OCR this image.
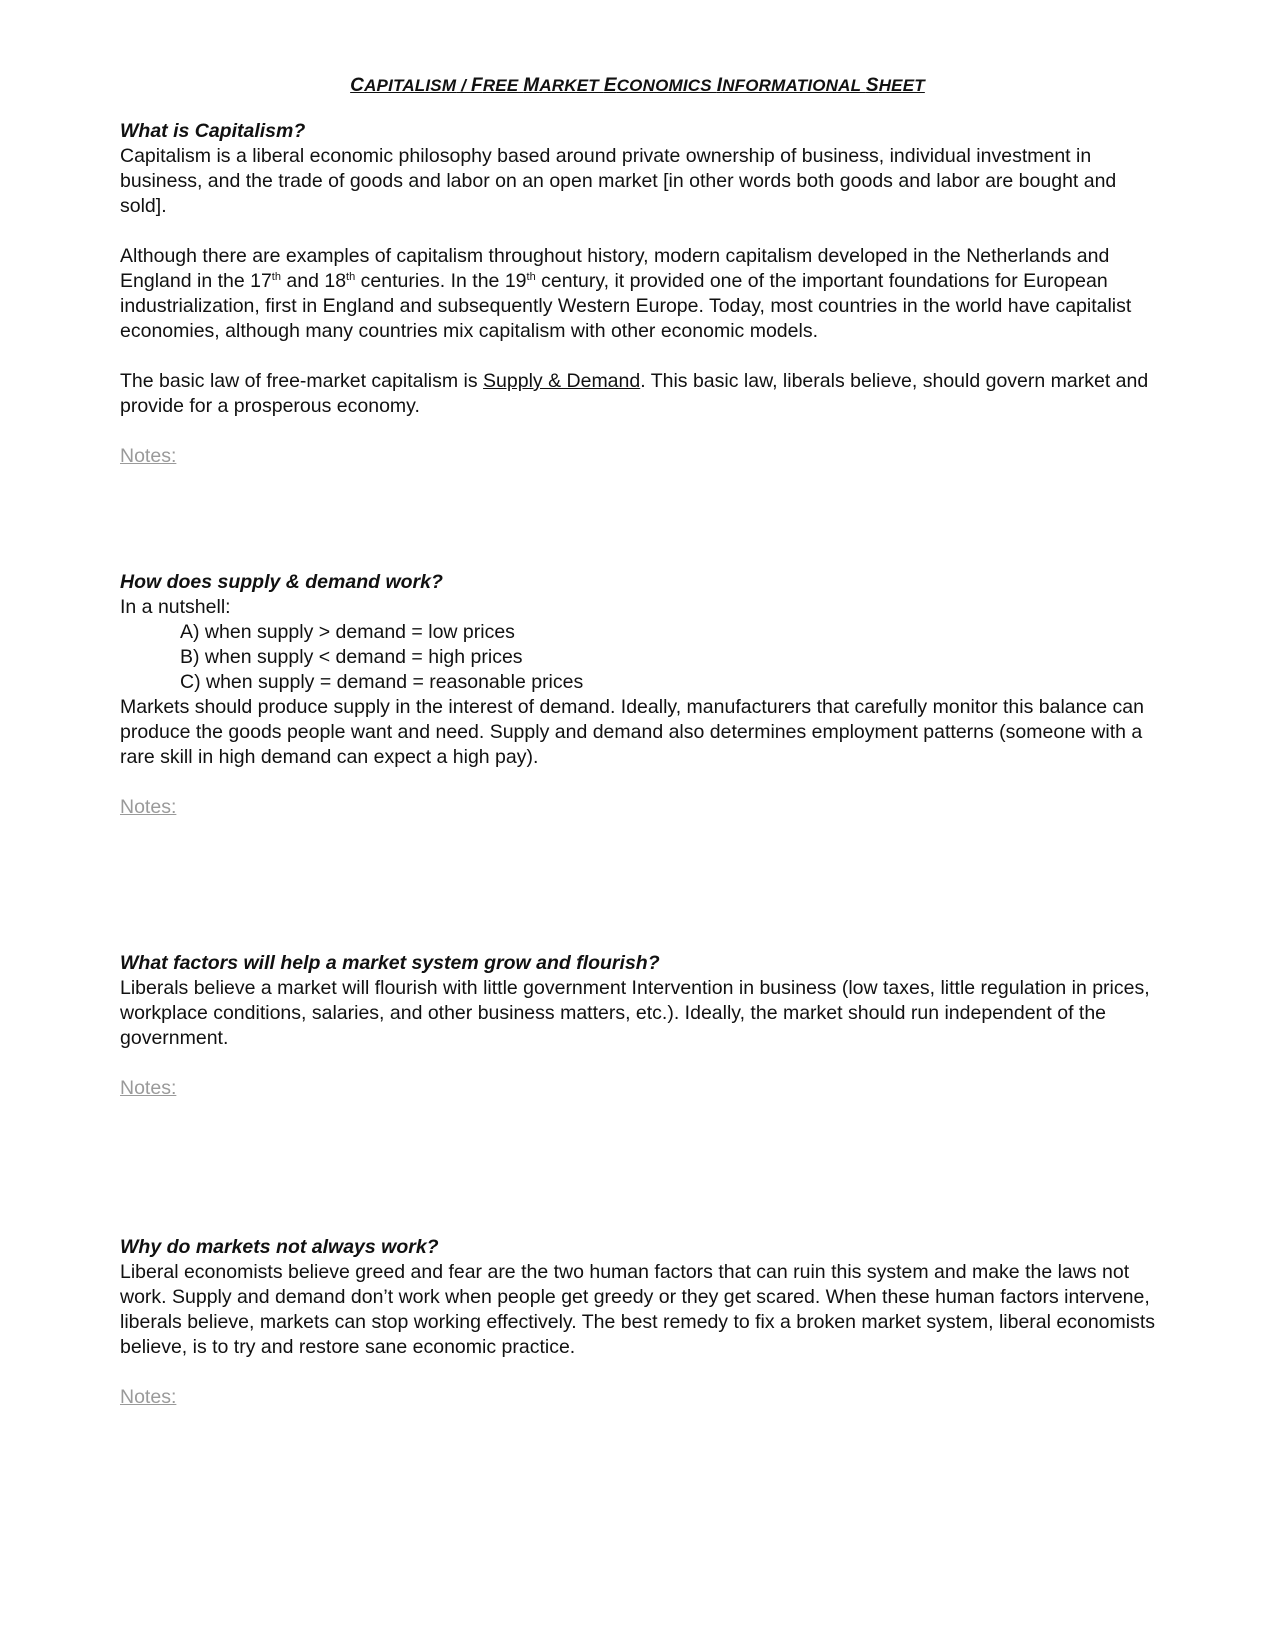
CAPITALISM / FREE MARKET ECONOMICS INFORMATIONAL SHEET

What is Capitalism?

Capitalism is a liberal economic philosophy based around private ownership of business, individual investment in business, and the trade of goods and labor on an open market [in other words both goods and labor are bought and sold].

Although there are examples of capitalism throughout history, modern capitalism developed in the Netherlands and England in the 17th and 18th centuries. In the 19th century, it provided one of the important foundations for European industrialization, first in England and subsequently Western Europe. Today, most countries in the world have capitalist economies, although many countries mix capitalism with other economic models.

The basic law of free-market capitalism is Supply & Demand. This basic law, liberals believe, should govern market and provide for a prosperous economy.

Notes:

How does supply & demand work?

In a nutshell:

A) when supply > demand = low prices
B) when supply < demand = high prices
C) when supply = demand = reasonable prices

Markets should produce supply in the interest of demand. Ideally, manufacturers that carefully monitor this balance can produce the goods people want and need. Supply and demand also determines employment patterns (someone with a rare skill in high demand can expect a high pay).

Notes:

What factors will help a market system grow and flourish?

Liberals believe a market will flourish with little government Intervention in business (low taxes, little regulation in prices, workplace conditions, salaries, and other business matters, etc.). Ideally, the market should run independent of the government.

Notes:

Why do markets not always work?

Liberal economists believe greed and fear are the two human factors that can ruin this system and make the laws not work. Supply and demand don’t work when people get greedy or they get scared. When these human factors intervene, liberals believe, markets can stop working effectively. The best remedy to fix a broken market system, liberal economists believe, is to try and restore sane economic practice.

Notes:
